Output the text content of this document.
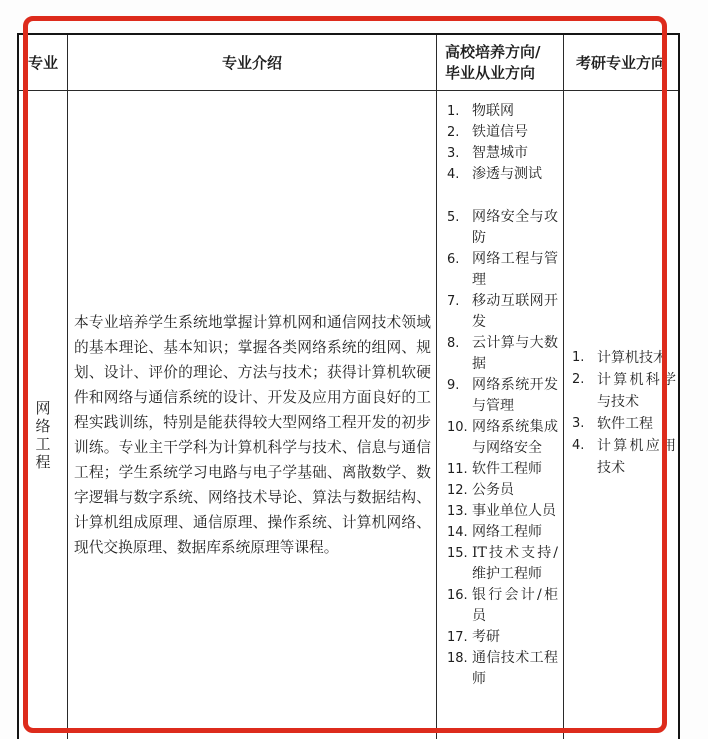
专业	专业介绍
高校培养方向/
毕业从业方向
考研专业方向
网
络
工
程

本专业培养学生系统地掌握计算机网和通信网技术领域的基本理论、基本知识；掌握各类网络系统的组网、规划、设计、评价的理论、方法与技术；获得计算机软硬件和网络与通信系统的设计、开发及应用方面良好的工程实践训练，特别是能获得较大型网络工程开发的初步训练。专业主干学科为计算机科学与技术、信息与通信工程；学生系统学习电路与电子学基础、离散数学、数字逻辑与数字系统、网络技术导论、算法与数据结构、计算机组成原理、通信原理、操作系统、计算机网络、现代交换原理、数据库系统原理等课程。

1. 物联网
2. 铁道信号
3. 智慧城市
4. 渗透与测试
5. 网络安全与攻防
6. 网络工程与管理
7. 移动互联网开发
8. 云计算与大数据
9. 网络系统开发与管理
10. 网络系统集成与网络安全
11. 软件工程师
12. 公务员
13. 事业单位人员
14. 网络工程师
15. IT技术支持/维护工程师
16. 银行会计/柜员
17. 考研
18. 通信技术工程师
1. 计算机技术
2. 计算机科学与技术
3. 软件工程
4. 计算机应用技术
